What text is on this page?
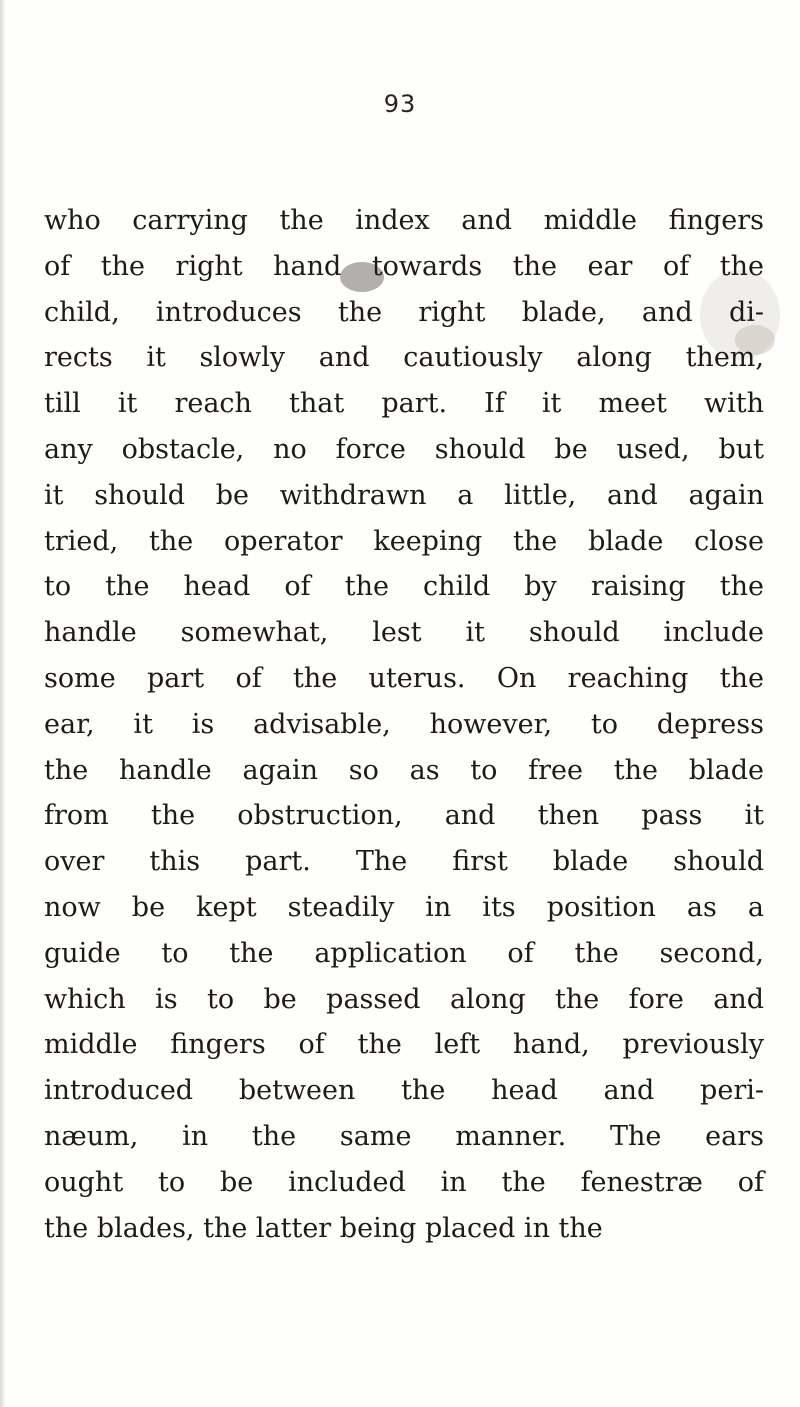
93
who carrying the index and middle fingers
of the right hand towards the ear of the
child, introduces the right blade, and di-
rects it slowly and cautiously along them,
till it reach that part. If it meet with
any obstacle, no force should be used, but
it should be withdrawn a little, and again
tried, the operator keeping the blade close
to the head of the child by raising the
handle somewhat, lest it should include
some part of the uterus. On reaching the
ear, it is advisable, however, to depress
the handle again so as to free the blade
from the obstruction, and then pass it
over this part. The first blade should
now be kept steadily in its position as a
guide to the application of the second,
which is to be passed along the fore and
middle fingers of the left hand, previously
introduced between the head and peri-
næum, in the same manner. The ears
ought to be included in the fenestræ of
the blades, the latter being placed in the
